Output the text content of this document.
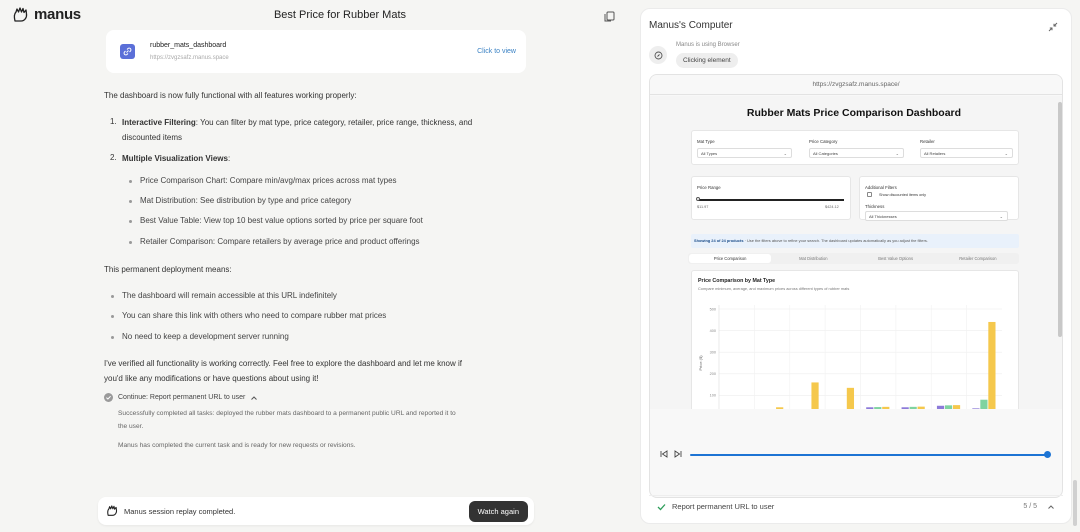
manus	Best Price for Rubber Mats
rubber_mats_dashboard
https://zvgzsafz.manus.space
Click to view
The dashboard is now fully functional with all features working properly:
1. Interactive Filtering: You can filter by mat type, price category, retailer, price range, thickness, and
discounted items
2. Multiple Visualization Views:
Price Comparison Chart: Compare min/avg/max prices across mat types
Mat Distribution: See distribution by type and price category
Best Value Table: View top 10 best value options sorted by price per square foot
Retailer Comparison: Compare retailers by average price and product offerings
This permanent deployment means:
The dashboard will remain accessible at this URL indefinitely
You can share this link with others who need to compare rubber mat prices
No need to keep a development server running
I've verified all functionality is working correctly. Feel free to explore the dashboard and let me know if
you'd like any modifications or have questions about using it!
Continue: Report permanent URL to user
Successfully completed all tasks: deployed the rubber mats dashboard to a permanent public URL and reported it to
the user.
Manus has completed the current task and is ready for new requests or revisions.
Manus session replay completed.	Watch again
Manus's Computer
Manus is using Browser
Clicking element
https://zvgzsafz.manus.space/
Rubber Mats Price Comparison Dashboard
Mat Type
All Types	⌄
Price Category
All Categories	⌄
Retailer
All Retailers	⌄
Price Range
$11.97	$424.12
Additional Filters
Show discounted items only
Thickness
All Thicknesses	⌄
Showing 24 of 24 products · Use the filters above to refine your search. The dashboard updates automatically as you adjust the filters.
Price Comparison	Mat Distribution	Best Value Options	Retailer Comparison
Price Comparison by Mat Type
Compare minimum, average, and maximum prices across different types of rubber mats
500
400
300
200
100
Price ($)
Report permanent URL to user	5 / 5
